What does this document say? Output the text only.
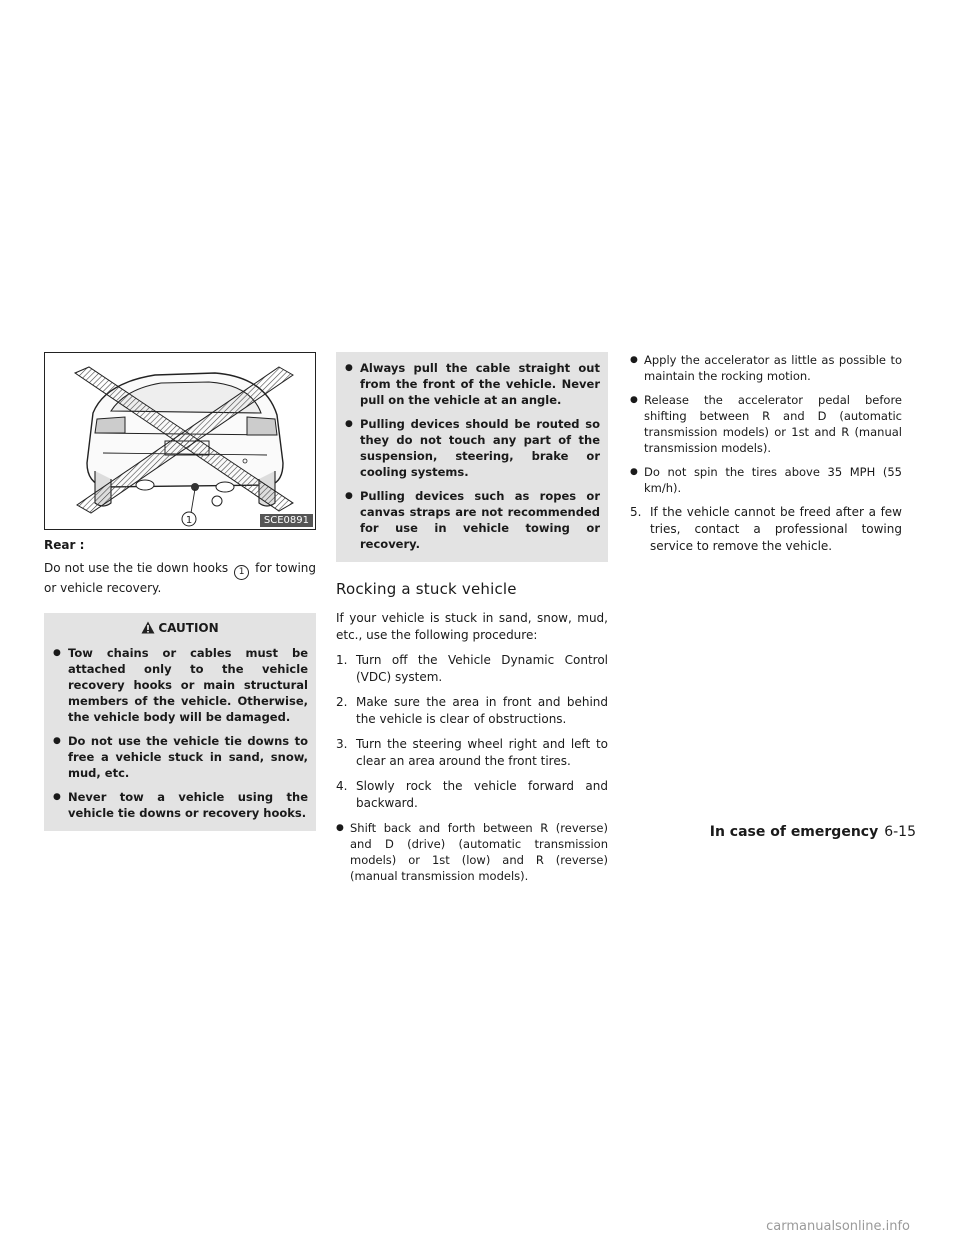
1	SCE0891
Rear :

Do not use the tie down hooks 1 for towing or vehicle recovery.

CAUTION

● Tow chains or cables must be attached only to the vehicle recovery hooks or main structural members of the vehicle. Otherwise, the vehicle body will be damaged.

● Do not use the vehicle tie downs to free a vehicle stuck in sand, snow, mud, etc.

● Never tow a vehicle using the vehicle tie downs or recovery hooks.

● Always pull the cable straight out from the front of the vehicle. Never pull on the vehicle at an angle.

● Pulling devices should be routed so they do not touch any part of the suspension, steering, brake or cooling systems.

● Pulling devices such as ropes or canvas straps are not recommended for use in vehicle towing or recovery.

Rocking a stuck vehicle

If your vehicle is stuck in sand, snow, mud, etc., use the following procedure:

1. Turn off the Vehicle Dynamic Control (VDC) system.
2. Make sure the area in front and behind the vehicle is clear of obstructions.
3. Turn the steering wheel right and left to clear an area around the front tires.
4. Slowly rock the vehicle forward and backward.

● Shift back and forth between R (reverse) and D (drive) (automatic transmission models) or 1st (low) and R (reverse) (manual transmission models).

● Apply the accelerator as little as possible to maintain the rocking motion.

● Release the accelerator pedal before shifting between R and D (automatic transmission models) or 1st and R (manual transmission models).

● Do not spin the tires above 35 MPH (55 km/h).

5. If the vehicle cannot be freed after a few tries, contact a professional towing service to remove the vehicle.
In case of emergency 6-15
carmanualsonline.info
